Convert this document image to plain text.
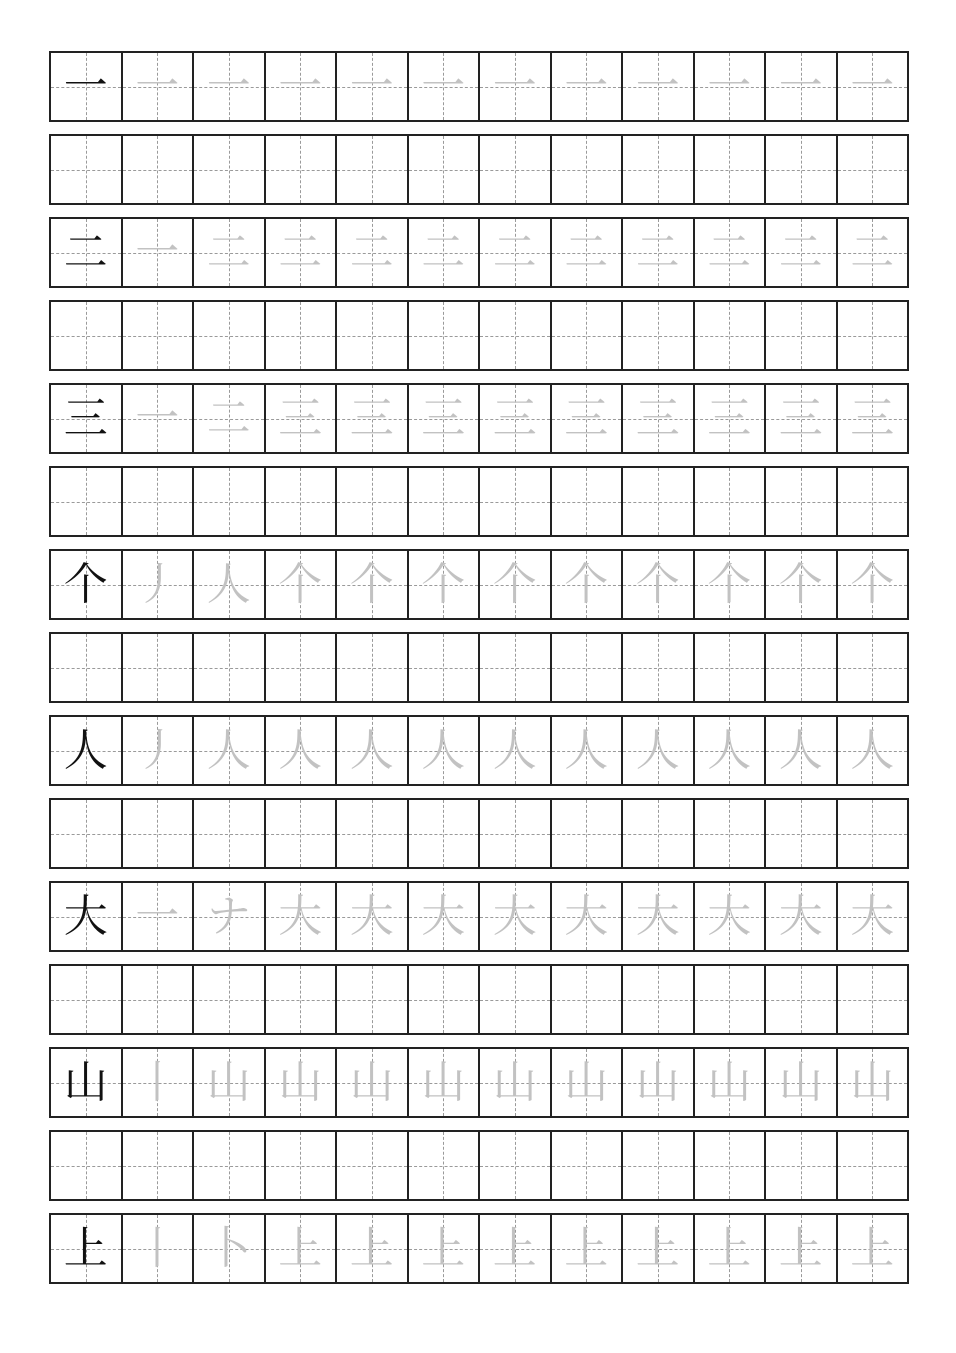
一 一 一 一 一 一 一 一 一 一 一 一
二 一 二 二 二 二 二 二 二 二 二 二
三 一 二 三 三 三 三 三 三 三 三 三
个 丿 人 个 个 个 个 个 个 个 个 个
人 丿 人 人 人 人 人 人 人 人 人 人
大 一 ナ 大 大 大 大 大 大 大 大 大
山 丨 山 山 山 山 山 山 山 山 山 山
上 丨 卜 上 上 上 上 上 上 上 上 上
